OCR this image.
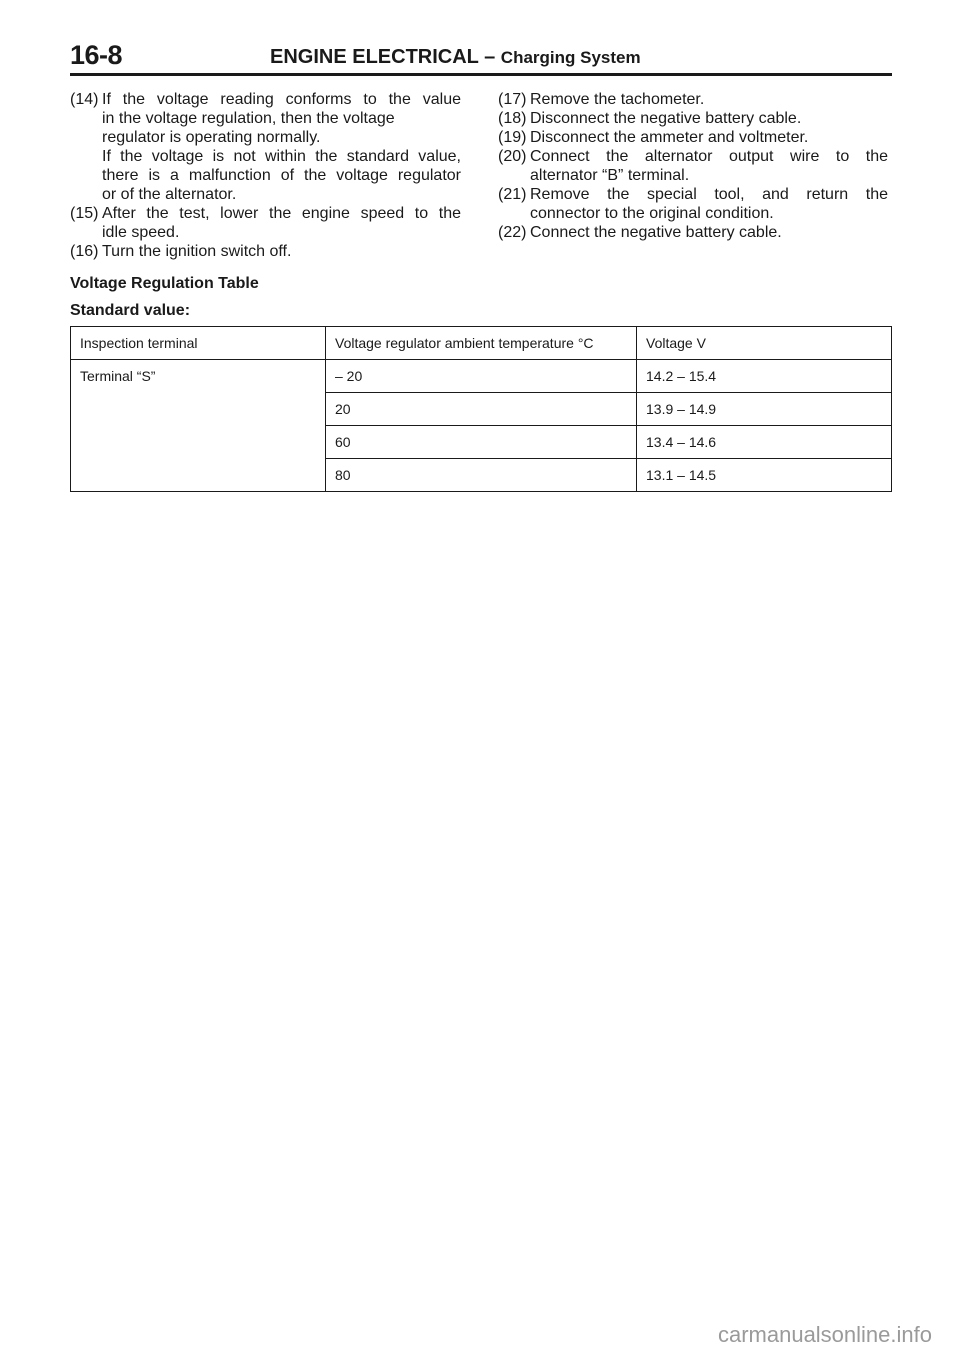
16-8	ENGINE ELECTRICAL – Charging System
(14) If the voltage reading conforms to the value
in the voltage regulation, then the voltage
regulator is operating normally.
If the voltage is not within the standard value,
there is a malfunction of the voltage regulator
or of the alternator.
(15) After the test, lower the engine speed to the
idle speed.
(16) Turn the ignition switch off.
(17) Remove the tachometer.
(18) Disconnect the negative battery cable.
(19) Disconnect the ammeter and voltmeter.
(20) Connect the alternator output wire to the
alternator “B” terminal.
(21) Remove the special tool, and return the
connector to the original condition.
(22) Connect the negative battery cable.
Voltage Regulation Table
Standard value:
Inspection terminal	Voltage regulator ambient temperature °C	Voltage V
Terminal “S”	– 20	14.2 – 15.4
	20	13.9 – 14.9
	60	13.4 – 14.6
	80	13.1 – 14.5
carmanualsonline.info
